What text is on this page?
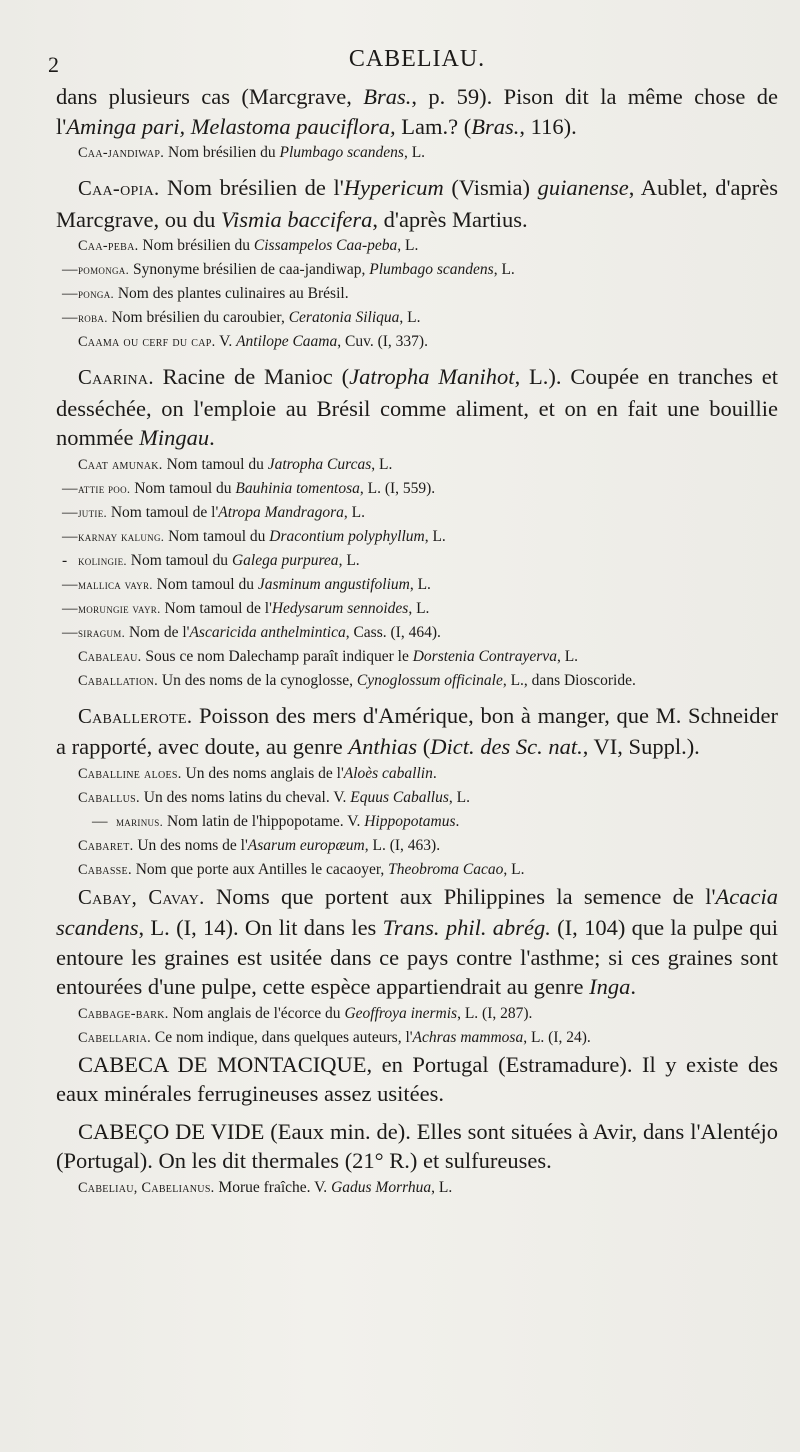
2	CABELIAU.

dans plusieurs cas (Marcgrave, Bras., p. 59). Pison dit la même chose de l'Aminga pari, Melastoma pauciflora, Lam.? (Bras., 116).

Caa-jandiwap. Nom brésilien du Plumbago scandens, L.

Caa-opia. Nom brésilien de l'Hypericum (Vismia) guianense, Aublet, d'après Marcgrave, ou du Vismia baccifera, d'après Martius.

Caa-peba. Nom brésilien du Cissampelos Caa-peba, L.

— pomonga. Synonyme brésilien de caa-jandiwap, Plumbago scandens, L.

— ponga. Nom des plantes culinaires au Brésil.

— roba. Nom brésilien du caroubier, Ceratonia Siliqua, L.

Caama ou cerf du cap. V. Antilope Caama, Cuv. (I, 337).

Caarina. Racine de Manioc (Jatropha Manihot, L.). Coupée en tranches et desséchée, on l'emploie au Brésil comme aliment, et on en fait une bouillie nommée Mingau.

Caat amunak. Nom tamoul du Jatropha Curcas, L.

— attie poo. Nom tamoul du Bauhinia tomentosa, L. (I, 559).

— jutie. Nom tamoul de l'Atropa Mandragora, L.

— karnay kalung. Nom tamoul du Dracontium polyphyllum, L.

- kolingie. Nom tamoul du Galega purpurea, L.

— mallica vayr. Nom tamoul du Jasminum angustifolium, L.

— morungie vayr. Nom tamoul de l'Hedysarum sennoides, L.

— siragum. Nom de l'Ascaricida anthelmintica, Cass. (I, 464).

Cabaleau. Sous ce nom Dalechamp paraît indiquer le Dorstenia Contrayerva, L.

Caballation. Un des noms de la cynoglosse, Cynoglossum officinale, L., dans Dioscoride.

Caballerote. Poisson des mers d'Amérique, bon à manger, que M. Schneider a rapporté, avec doute, au genre Anthias (Dict. des Sc. nat., VI, Suppl.).

Caballine aloes. Un des noms anglais de l'Aloès caballin.

Caballus. Un des noms latins du cheval. V. Equus Caballus, L.

— marinus. Nom latin de l'hippopotame. V. Hippopotamus.

Cabaret. Un des noms de l'Asarum europæum, L. (I, 463).

Cabasse. Nom que porte aux Antilles le cacaoyer, Theobroma Cacao, L.

Cabay, Cavay. Noms que portent aux Philippines la semence de l'Acacia scandens, L. (I, 14). On lit dans les Trans. phil. abrég. (I, 104) que la pulpe qui entoure les graines est usitée dans ce pays contre l'asthme; si ces graines sont entourées d'une pulpe, cette espèce appartiendrait au genre Inga.

Cabbage-bark. Nom anglais de l'écorce du Geoffroya inermis, L. (I, 287).

Cabellaria. Ce nom indique, dans quelques auteurs, l'Achras mammosa, L. (I, 24).

CABECA DE MONTACIQUE, en Portugal (Estramadure). Il y existe des eaux minérales ferrugineuses assez usitées.

CABEÇO DE VIDE (Eaux min. de). Elles sont situées à Avir, dans l'Alentéjo (Portugal). On les dit thermales (21° R.) et sulfureuses.

Cabeliau, Cabelianus. Morue fraîche. V. Gadus Morrhua, L.
